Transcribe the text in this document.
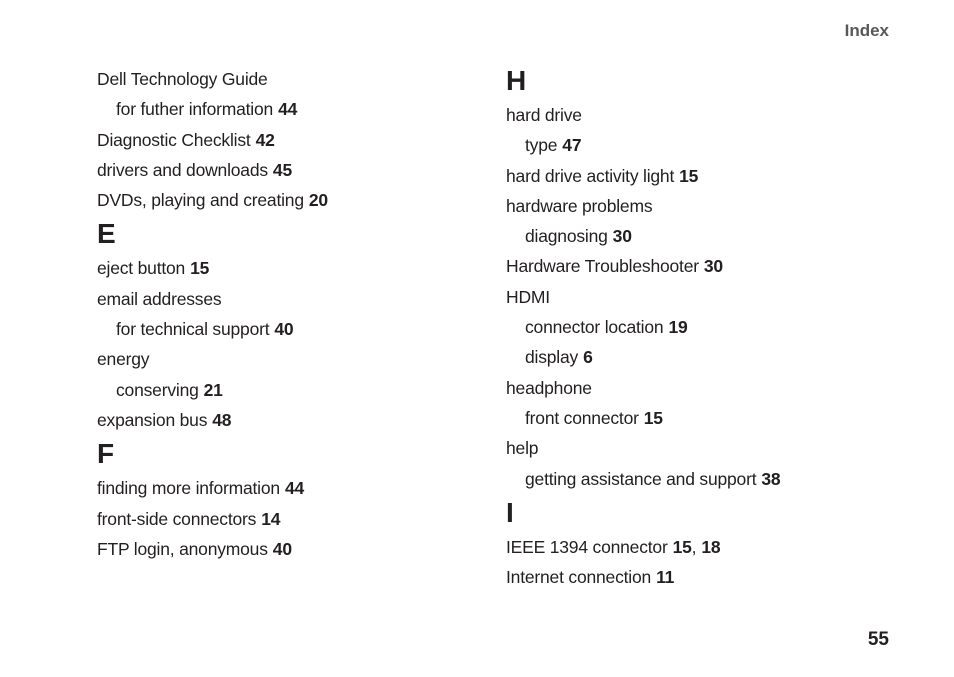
Index
Dell Technology Guide
for futher information 44
Diagnostic Checklist 42
drivers and downloads 45
DVDs, playing and creating 20
E
eject button 15
email addresses
for technical support 40
energy
conserving 21
expansion bus 48
F
finding more information 44
front-side connectors 14
FTP login, anonymous 40
H
hard drive
type 47
hard drive activity light 15
hardware problems
diagnosing 30
Hardware Troubleshooter 30
HDMI
connector location 19
display 6
headphone
front connector 15
help
getting assistance and support 38
I
IEEE 1394 connector 15, 18
Internet connection 11
55
